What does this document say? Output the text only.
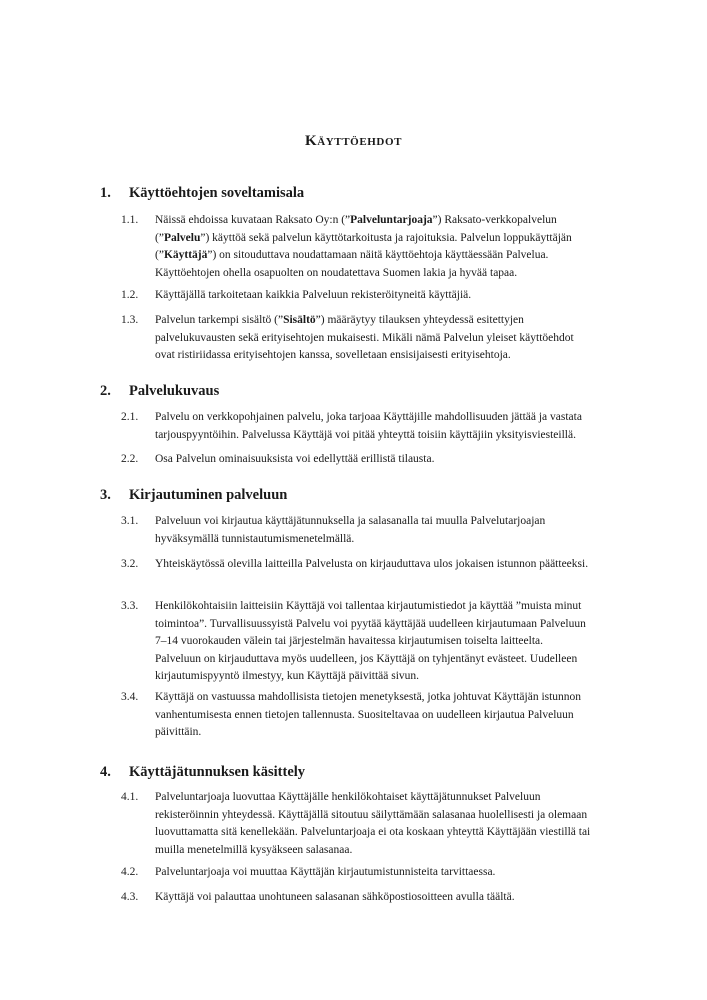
Käyttöehdot
1. Käyttöehtojen soveltamisala
1.1.	Näissä ehdoissa kuvataan Raksato Oy:n (”Palveluntarjoaja”) Raksato-verkkopalvelun (”Palvelu”) käyttöä sekä palvelun käyttötarkoitusta ja rajoituksia. Palvelun loppukäyttäjän (”Käyttäjä”) on sitouduttava noudattamaan näitä käyttöehtoja käyttäessään Palvelua. Käyttöehtojen ohella osapuolten on noudatettava Suomen lakia ja hyvää tapaa.
1.2.	Käyttäjällä tarkoitetaan kaikkia Palveluun rekisteröityneitä käyttäjiä.
1.3.	Palvelun tarkempi sisältö (”Sisältö”) määräytyy tilauksen yhteydessä esitettyjen palvelukuvausten sekä erityisehtojen mukaisesti. Mikäli nämä Palvelun yleiset käyttöehdot ovat ristiriidassa erityisehtojen kanssa, sovelletaan ensisijaisesti erityisehtoja.
2. Palvelukuvaus
2.1.	Palvelu on verkkopohjainen palvelu, joka tarjoaa Käyttäjille mahdollisuuden jättää ja vastata tarjouspyyntöihin. Palvelussa Käyttäjä voi pitää yhteyttä toisiin käyttäjiin yksityisviesteillä.
2.2.	Osa Palvelun ominaisuuksista voi edellyttää erillistä tilausta.
3. Kirjautuminen palveluun
3.1.	Palveluun voi kirjautua käyttäjätunnuksella ja salasanalla tai muulla Palvelutarjoajan hyväksymällä tunnistautumismenetelmällä.
3.2.	Yhteiskäytössä olevilla laitteilla Palvelusta on kirjauduttava ulos jokaisen istunnon päätteeksi.
3.3.	Henkilökohtaisiin laitteisiin Käyttäjä voi tallentaa kirjautumistiedot ja käyttää ”muista minut toimintoa”. Turvallisuussyistä Palvelu voi pyytää käyttäjää uudelleen kirjautumaan Palveluun 7–14 vuorokauden välein tai järjestelmän havaitessa kirjautumisen toiselta laitteelta. Palveluun on kirjauduttava myös uudelleen, jos Käyttäjä on tyhjentänyt evästeet. Uudelleen kirjautumispyyntö ilmestyy, kun Käyttäjä päivittää sivun.
3.4.	Käyttäjä on vastuussa mahdollisista tietojen menetyksestä, jotka johtuvat Käyttäjän istunnon vanhentumisesta ennen tietojen tallennusta. Suositeltavaa on uudelleen kirjautua Palveluun päivittäin.
4. Käyttäjätunnuksen käsittely
4.1.	Palveluntarjoaja luovuttaa Käyttäjälle henkilökohtaiset käyttäjätunnukset Palveluun rekisteröinnin yhteydessä. Käyttäjällä sitoutuu säilyttämään salasanaa huolellisesti ja olemaan luovuttamatta sitä kenellekään. Palveluntarjoaja ei ota koskaan yhteyttä Käyttäjään viestillä tai muilla menetelmillä kysyäkseen salasanaa.
4.2.	Palveluntarjoaja voi muuttaa Käyttäjän kirjautumistunnisteita tarvittaessa.
4.3.	Käyttäjä voi palauttaa unohtuneen salasanan sähköpostiosoitteen avulla täältä.
